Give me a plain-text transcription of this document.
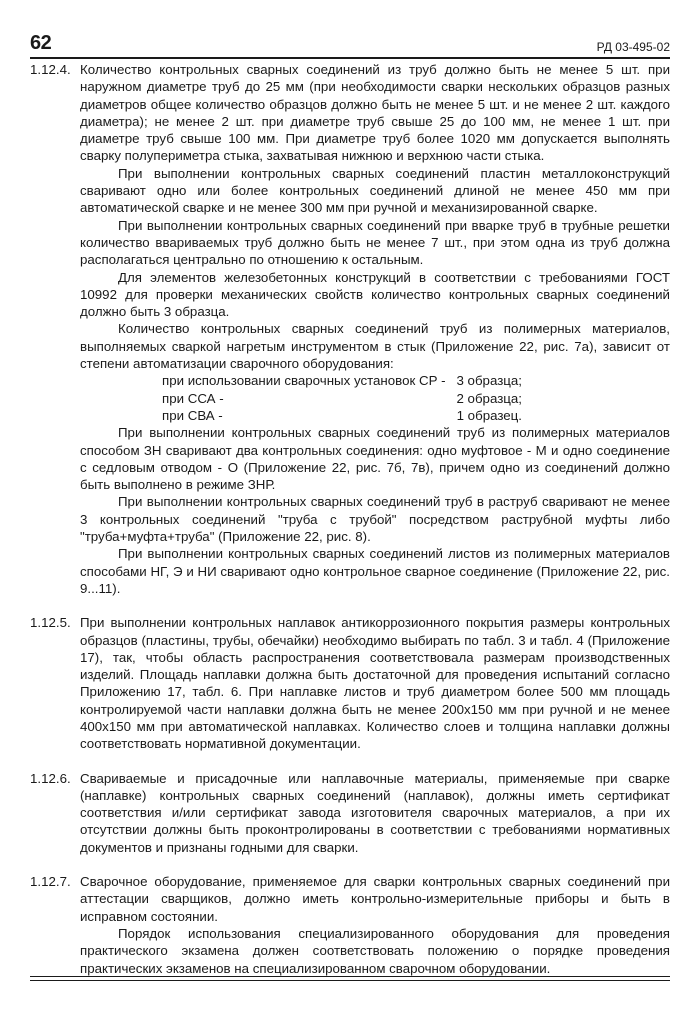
62	РД 03-495-02
1.12.4. Количество контрольных сварных соединений из труб должно быть не менее 5 шт. при наружном диаметре труб до 25 мм (при необходимости сварки нескольких образцов разных диаметров общее количество образцов должно быть не менее 5 шт. и не менее 2 шт. каждого диаметра); не менее 2 шт. при диаметре труб свыше 25 до 100 мм, не менее 1 шт. при диаметре труб свыше 100 мм. При диаметре труб более 1020 мм допускается выполнять сварку полупериметра стыка, захватывая нижнюю и верхнюю части стыка.

При выполнении контрольных сварных соединений пластин металлоконструкций сваривают одно или более контрольных соединений длиной не менее 450 мм при автоматической сварке и не менее 300 мм при ручной и механизированной сварке.

При выполнении контрольных сварных соединений при вварке труб в трубные решетки количество ввариваемых труб должно быть не менее 7 шт., при этом одна из труб должна располагаться центрально по отношению к остальным.

Для элементов железобетонных конструкций в соответствии с требованиями ГОСТ 10992 для проверки механических свойств количество контрольных сварных соединений должно быть 3 образца.

Количество контрольных сварных соединений труб из полимерных материалов, выполняемых сваркой нагретым инструментом в стык (Приложение 22, рис. 7а), зависит от степени автоматизации сварочного оборудования:

при использовании сварочных установок СР - 3 образца;
при ССА -	2 образца;
при СВА -	1 образец.

При выполнении контрольных сварных соединений труб из полимерных материалов способом ЗН сваривают два контрольных соединения: одно муфтовое - М и одно соединение с седловым отводом - О (Приложение 22, рис. 7б, 7в), причем одно из соединений должно быть выполнено в режиме ЗНР.

При выполнении контрольных сварных соединений труб в раструб сваривают не менее 3 контрольных соединений "труба с трубой" посредством раструбной муфты либо "труба+муфта+труба" (Приложение 22, рис. 8).

При выполнении контрольных сварных соединений листов из полимерных материалов способами НГ, Э и НИ сваривают одно контрольное сварное соединение (Приложение 22, рис. 9...11).

1.12.5. При выполнении контрольных наплавок антикоррозионного покрытия размеры контрольных образцов (пластины, трубы, обечайки) необходимо выбирать по табл. 3 и табл. 4 (Приложение 17), так, чтобы область распространения соответствовала размерам производственных изделий. Площадь наплавки должна быть достаточной для проведения испытаний согласно Приложению 17, табл. 6. При наплавке листов и труб диаметром более 500 мм площадь контролируемой части наплавки должна быть не менее 200х150 мм при ручной и не менее 400х150 мм при автоматической наплавках. Количество слоев и толщина наплавки должны соответствовать нормативной документации.

1.12.6. Свариваемые и присадочные или наплавочные материалы, применяемые при сварке (наплавке) контрольных сварных соединений (наплавок), должны иметь сертификат соответствия и/или сертификат завода изготовителя сварочных материалов, а при их отсутствии должны быть проконтролированы в соответствии с требованиями нормативных документов и признаны годными для сварки.

1.12.7. Сварочное оборудование, применяемое для сварки контрольных сварных соединений при аттестации сварщиков, должно иметь контрольно-измерительные приборы и быть в исправном состоянии.

Порядок использования специализированного оборудования для проведения практического экзамена должен соответствовать положению о порядке проведения практических экзаменов на специализированном сварочном оборудовании.
